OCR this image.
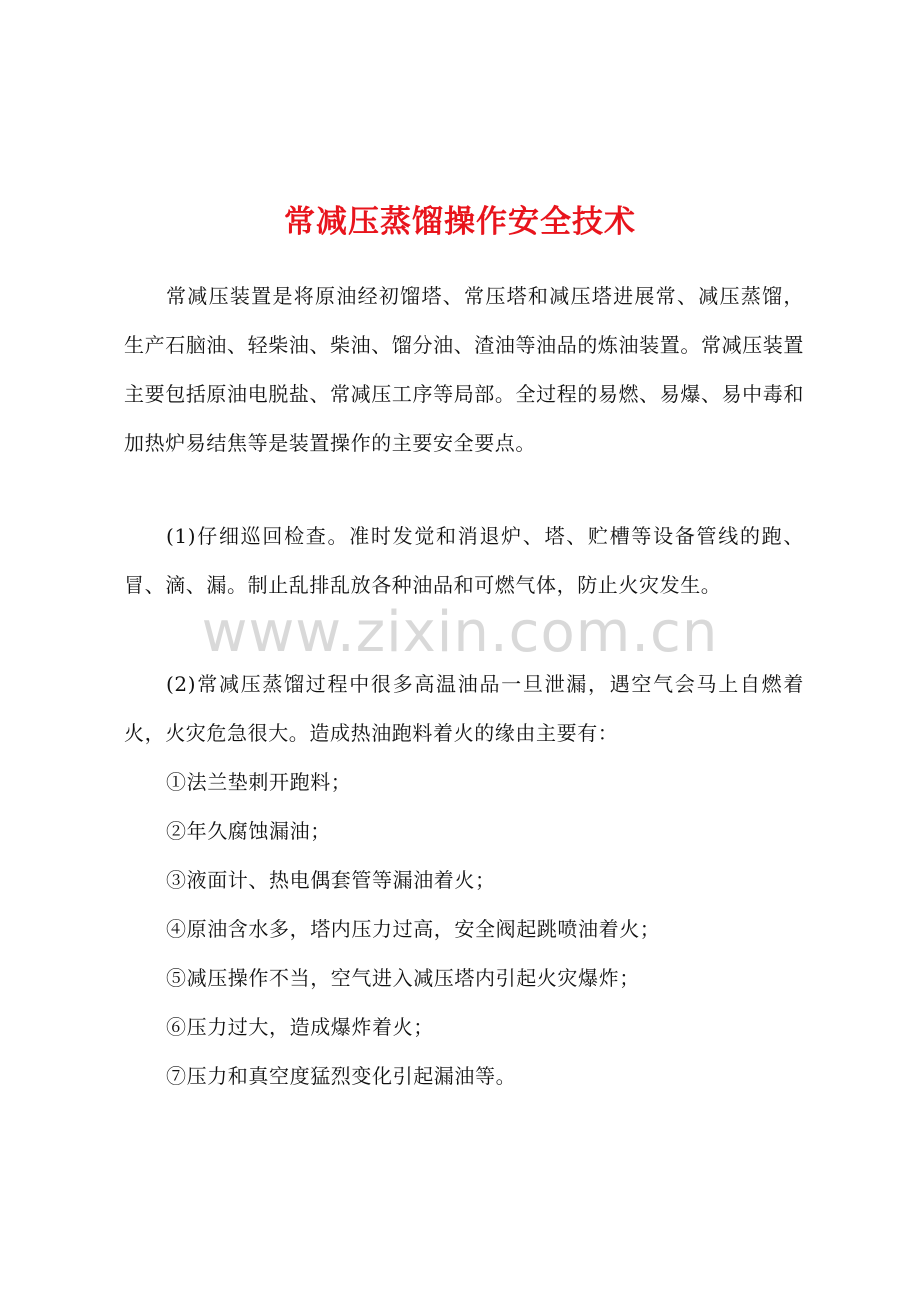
常减压蒸馏操作安全技术
www.zixin.com.cn

常减压装置是将原油经初馏塔、常压塔和减压塔进展常、减压蒸馏，生产石脑油、轻柴油、柴油、馏分油、渣油等油品的炼油装置。常减压装置主要包括原油电脱盐、常减压工序等局部。全过程的易燃、易爆、易中毒和加热炉易结焦等是装置操作的主要安全要点。

(1)仔细巡回检查。准时发觉和消退炉、塔、贮槽等设备管线的跑、冒、滴、漏。制止乱排乱放各种油品和可燃气体，防止火灾发生。

(2)常减压蒸馏过程中很多高温油品一旦泄漏，遇空气会马上自燃着火，火灾危急很大。造成热油跑料着火的缘由主要有：

①法兰垫刺开跑料；

②年久腐蚀漏油；

③液面计、热电偶套管等漏油着火；

④原油含水多，塔内压力过高，安全阀起跳喷油着火；

⑤减压操作不当，空气进入减压塔内引起火灾爆炸；

⑥压力过大，造成爆炸着火；

⑦压力和真空度猛烈变化引起漏油等。
